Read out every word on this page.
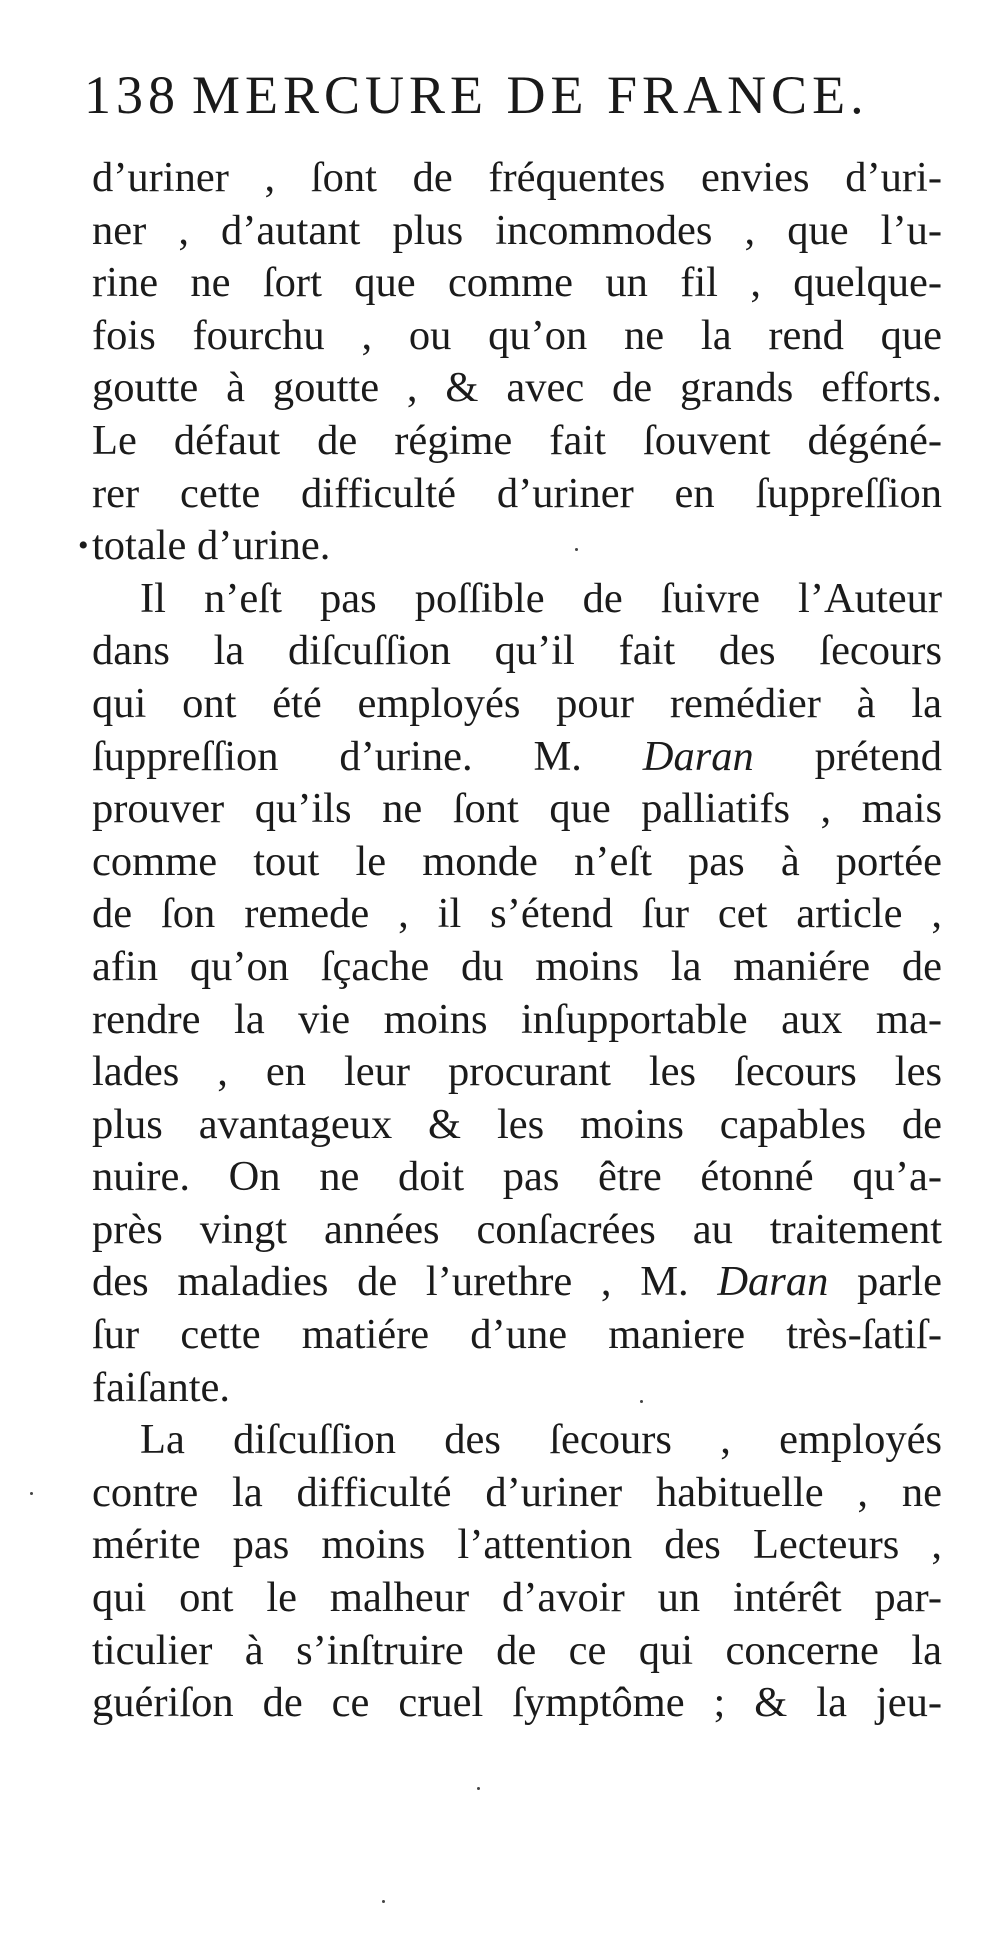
138 MERCURE DE FRANCE.
d’uriner , ſont de fréquentes envies d’uri-
ner , d’autant plus incommodes , que l’u-
rine ne ſort que comme un fil , quelque-
fois fourchu , ou qu’on ne la rend que
goutte à goutte , & avec de grands efforts.
Le défaut de régime fait ſouvent dégéné-
rer cette difficulté d’uriner en ſuppreſſion
• totale d’urine.
Il n’eſt pas poſſible de ſuivre l’Auteur
dans la diſcuſſion qu’il fait des ſecours
qui ont été employés pour remédier à la
ſuppreſſion d’urine. M. Daran prétend
prouver qu’ils ne ſont que palliatifs , mais
comme tout le monde n’eſt pas à portée
de ſon remede , il s’étend ſur cet article ,
afin qu’on ſçache du moins la maniére de
rendre la vie moins inſupportable aux ma-
lades , en leur procurant les ſecours les
plus avantageux & les moins capables de
nuire. On ne doit pas être étonné qu’a-
près vingt années conſacrées au traitement
des maladies de l’urethre , M. Daran parle
ſur cette matiére d’une maniere très-ſatiſ-
faiſante.
La diſcuſſion des ſecours , employés
contre la difficulté d’uriner habituelle , ne
mérite pas moins l’attention des Lecteurs ,
qui ont le malheur d’avoir un intérêt par-
ticulier à s’inſtruire de ce qui concerne la
guériſon de ce cruel ſymptôme ; & la jeu-
